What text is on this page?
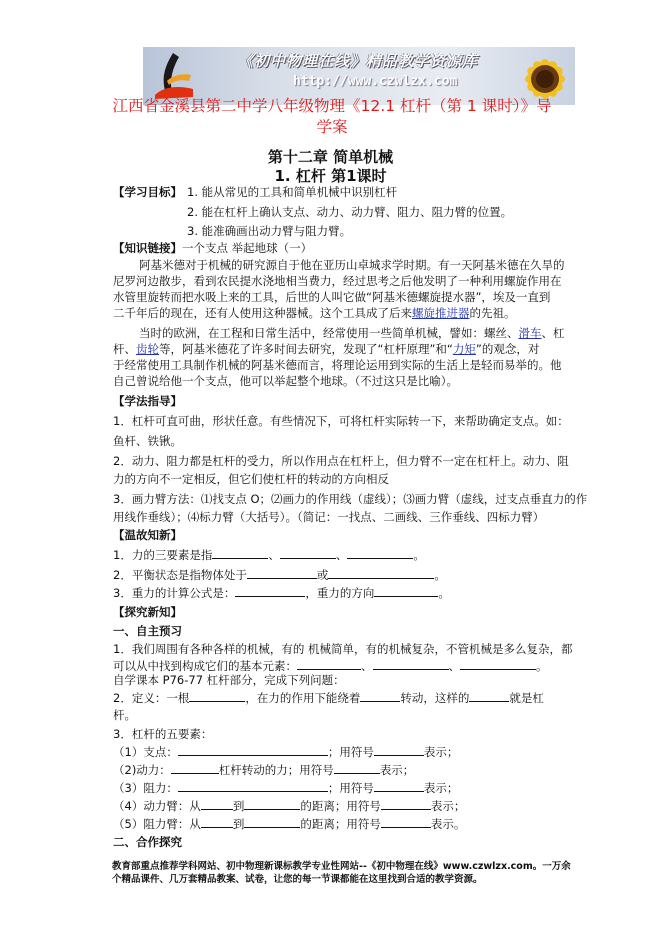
《初中物理在线》精品教学资源库
http://www.czwlzx.com
江西省金溪县第二中学八年级物理《12.1 杠杆（第 1 课时）》导学案
第十二章 简单机械
1. 杠杆 第1课时
【学习目标】 1. 能从常见的工具和简单机械中识别杠杆
2. 能在杠杆上确认支点、动力、动力臂、阻力、阻力臂的位置。
3. 能准确画出动力臂与阻力臂。
【知识链接】一个支点 举起地球（一）
阿基米德对于机械的研究源自于他在亚历山卓城求学时期。有一天阿基米德在久旱的
尼罗河边散步，看到农民提水浇地相当费力，经过思考之后他发明了一种利用螺旋作用在
水管里旋转而把水吸上来的工具，后世的人叫它做“阿基米德螺旋提水器”，埃及一直到
二千年后的现在，还有人使用这种器械。这个工具成了后来螺旋推进器的先祖。
当时的欧洲，在工程和日常生活中，经常使用一些简单机械，譬如：螺丝、滑车、杠
杆、齿轮等，阿基米德花了许多时间去研究，发现了“杠杆原理”和“力矩”的观念，对
于经常使用工具制作机械的阿基米德而言，将理论运用到实际的生活上是轻而易举的。他
自己曾说给他一个支点，他可以举起整个地球。（不过这只是比喻）。
【学法指导】
1．杠杆可直可曲，形状任意。有些情况下，可将杠杆实际转一下，来帮助确定支点。如：
鱼杆、铁锹。
2．动力、阻力都是杠杆的受力，所以作用点在杠杆上，但力臂不一定在杠杆上。动力、阻
力的方向不一定相反，但它们使杠杆的转动的方向相反
3．画力臂方法：⑴找支点 O；⑵画力的作用线（虚线）；⑶画力臂（虚线，过支点垂直力的作
用线作垂线）；⑷标力臂（大括号）。（简记：一找点、二画线、三作垂线、四标力臂）
【温故知新】
1．力的三要素是指	、	、	。
2．平衡状态是指物体处于	或	。
3．重力的计算公式是：	，重力的方向	。
【探究新知】
一、自主预习
1．我们周围有各种各样的机械，有的 机械简单，有的机械复杂，不管机械是多么复杂，都
可以从中找到构成它们的基本元素：	、	、	。
自学课本 P76-77 杠杆部分，完成下列问题：
2．定义：一根	，在力的作用下能绕着	转动，这样的	就是杠
杆。
3．杠杆的五要素：
（1）支点：	；用符号	表示；
（2)动力：	杠杆转动的力；用符号	表示；
（3）阻力：	；用符号	表示；
（4）动力臂：从	到	的距离；用符号	表示；
（5）阻力臂：从	到	的距离；用符号	表示。
二、合作探究
教育部重点推荐学科网站、初中物理新课标教学专业性网站--《初中物理在线》www.czwlzx.com。一万余
个精品课件、几万套精品教案、试卷，让您的每一节课都能在这里找到合适的教学资源。
